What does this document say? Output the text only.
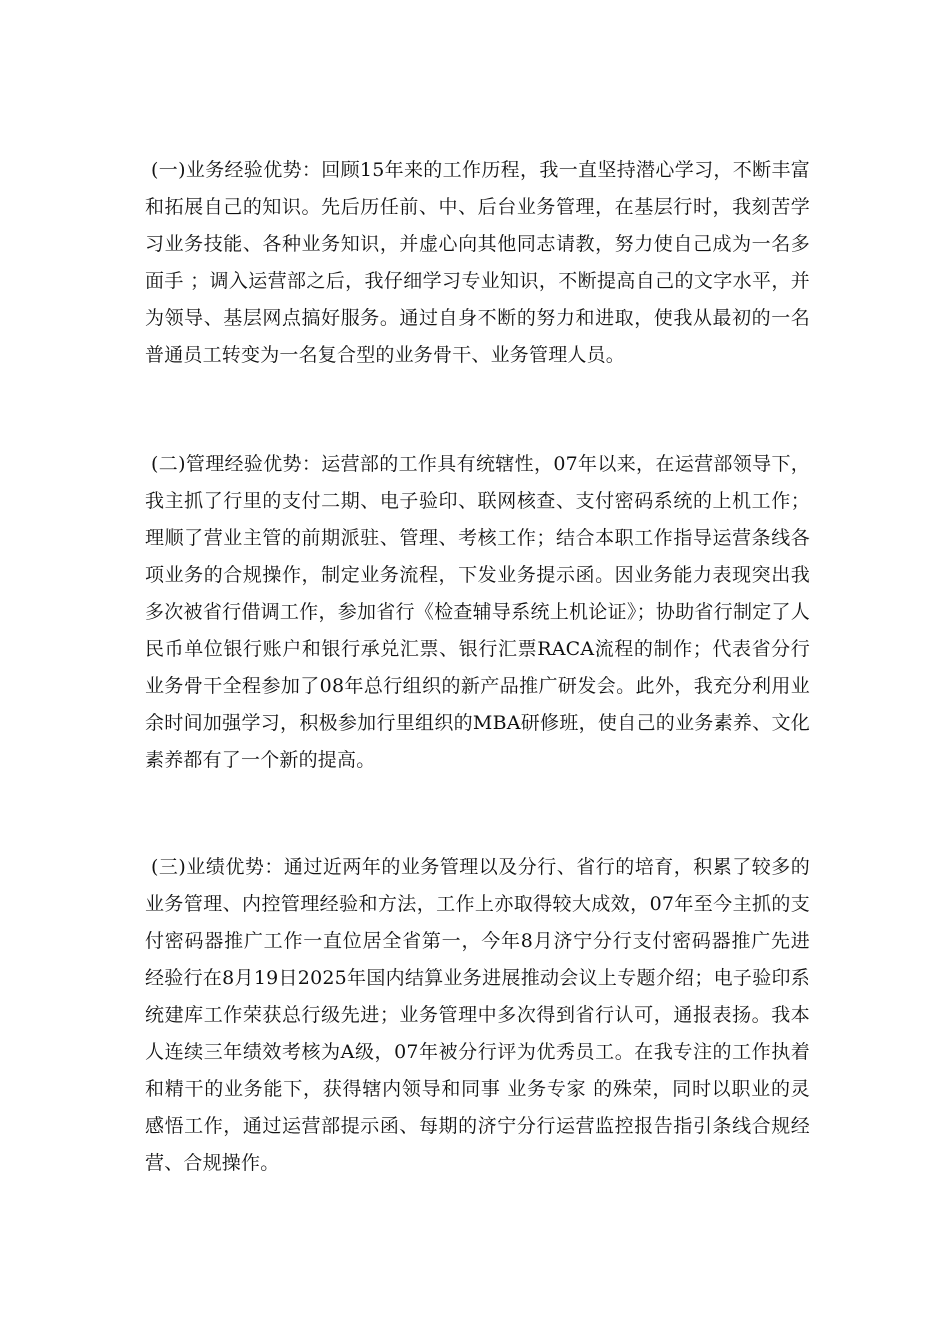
(一)业务经验优势：回顾15年来的工作历程，我一直坚持潜心学习，不断丰富和拓展自己的知识。先后历任前、中、后台业务管理，在基层行时，我刻苦学习业务技能、各种业务知识，并虚心向其他同志请教，努力使自己成为一名多面手 ；调入运营部之后，我仔细学习专业知识，不断提高自己的文字水平，并为领导、基层网点搞好服务。通过自身不断的努力和进取，使我从最初的一名普通员工转变为一名复合型的业务骨干、业务管理人员。

(二)管理经验优势：运营部的工作具有统辖性，07年以来，在运营部领导下，我主抓了行里的支付二期、电子验印、联网核查、支付密码系统的上机工作；理顺了营业主管的前期派驻、管理、考核工作；结合本职工作指导运营条线各项业务的合规操作，制定业务流程，下发业务提示函。因业务能力表现突出我多次被省行借调工作，参加省行《检查辅导系统上机论证》；协助省行制定了人民币单位银行账户和银行承兑汇票、银行汇票RACA流程的制作；代表省分行业务骨干全程参加了08年总行组织的新产品推广研发会。此外，我充分利用业余时间加强学习，积极参加行里组织的MBA研修班，使自己的业务素养、文化素养都有了一个新的提高。

(三)业绩优势：通过近两年的业务管理以及分行、省行的培育，积累了较多的业务管理、内控管理经验和方法，工作上亦取得较大成效，07年至今主抓的支付密码器推广工作一直位居全省第一，今年8月济宁分行支付密码器推广先进经验行在8月19日2025年国内结算业务进展推动会议上专题介绍；电子验印系统建库工作荣获总行级先进；业务管理中多次得到省行认可，通报表扬。我本人连续三年绩效考核为A级，07年被分行评为优秀员工。在我专注的工作执着和精干的业务能下，获得辖内领导和同事 业务专家 的殊荣，同时以职业的灵感悟工作，通过运营部提示函、每期的济宁分行运营监控报告指引条线合规经营、合规操作。
